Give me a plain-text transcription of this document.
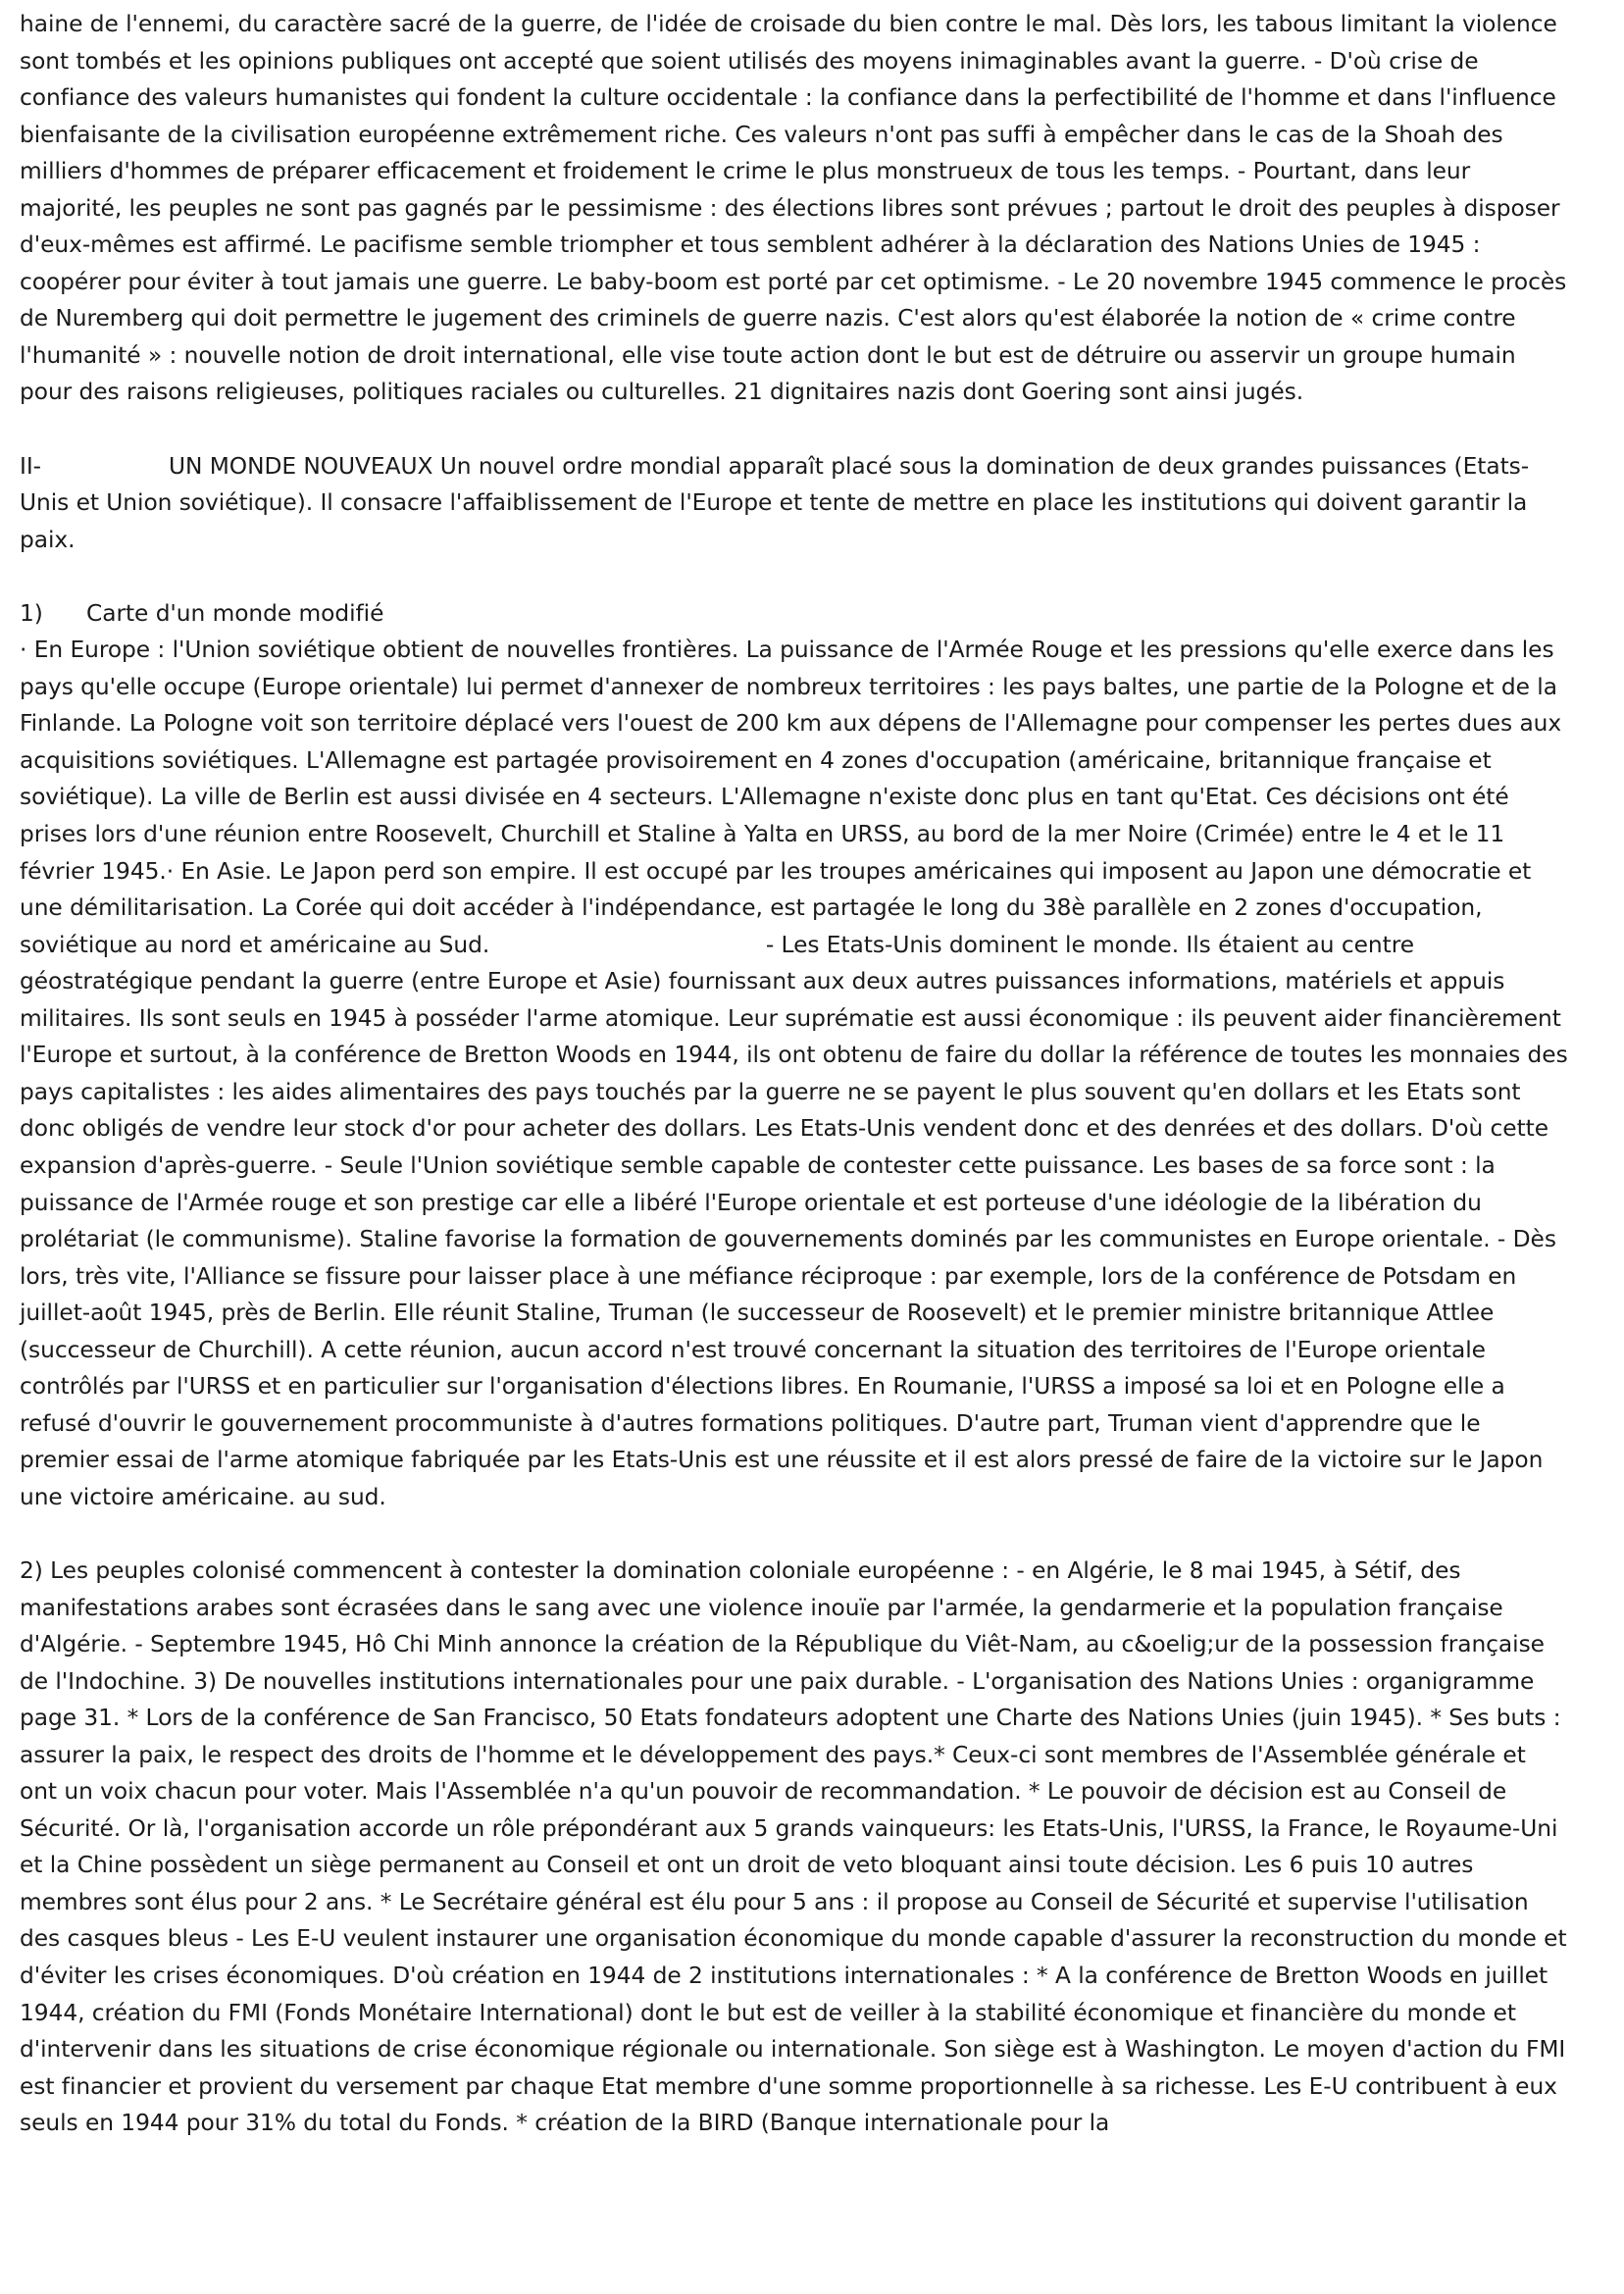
haine de l'ennemi, du caractère sacré de la guerre, de l'idée de croisade du bien contre le mal. Dès lors, les tabous limitant la violence sont tombés et les opinions publiques ont accepté que soient utilisés des moyens inimaginables avant la guerre. - D'où crise de confiance des valeurs humanistes qui fondent la culture occidentale : la confiance dans la perfectibilité de l'homme et dans l'influence bienfaisante de la civilisation européenne extrêmement riche. Ces valeurs n'ont pas suffi à empêcher dans le cas de la Shoah des milliers d'hommes de préparer efficacement et froidement le crime le plus monstrueux de tous les temps. - Pourtant, dans leur majorité, les peuples ne sont pas gagnés par le pessimisme : des élections libres sont prévues ; partout le droit des peuples à disposer d'eux-mêmes est affirmé. Le pacifisme semble triompher et tous semblent adhérer à la déclaration des Nations Unies de 1945 : coopérer pour éviter à tout jamais une guerre. Le baby-boom est porté par cet optimisme. - Le 20 novembre 1945 commence le procès de Nuremberg qui doit permettre le jugement des criminels de guerre nazis. C'est alors qu'est élaborée la notion de « crime contre l'humanité » : nouvelle notion de droit international, elle vise toute action dont le but est de détruire ou asservir un groupe humain pour des raisons religieuses, politiques raciales ou culturelles. 21 dignitaires nazis dont Goering sont ainsi jugés.

II-	UN MONDE NOUVEAUX Un nouvel ordre mondial apparaît placé sous la domination de deux grandes puissances (Etats-Unis et Union soviétique). Il consacre l'affaiblissement de l'Europe et tente de mettre en place les institutions qui doivent garantir la paix.

1) Carte d'un monde modifié

· En Europe : l'Union soviétique obtient de nouvelles frontières. La puissance de l'Armée Rouge et les pressions qu'elle exerce dans les pays qu'elle occupe (Europe orientale) lui permet d'annexer de nombreux territoires : les pays baltes, une partie de la Pologne et de la Finlande. La Pologne voit son territoire déplacé vers l'ouest de 200 km aux dépens de l'Allemagne pour compenser les pertes dues aux acquisitions soviétiques. L'Allemagne est partagée provisoirement en 4 zones d'occupation (américaine, britannique française et soviétique). La ville de Berlin est aussi divisée en 4 secteurs. L'Allemagne n'existe donc plus en tant qu'Etat. Ces décisions ont été prises lors d'une réunion entre Roosevelt, Churchill et Staline à Yalta en URSS, au bord de la mer Noire (Crimée) entre le 4 et le 11 février 1945.· En Asie. Le Japon perd son empire. Il est occupé par les troupes américaines qui imposent au Japon une démocratie et une démilitarisation. La Corée qui doit accéder à l'indépendance, est partagée le long du 38è parallèle en 2 zones d'occupation, soviétique au nord et américaine au Sud.	- Les Etats-Unis dominent le monde. Ils étaient au centre géostratégique pendant la guerre (entre Europe et Asie) fournissant aux deux autres puissances informations, matériels et appuis militaires. Ils sont seuls en 1945 à posséder l'arme atomique. Leur suprématie est aussi économique : ils peuvent aider financièrement l'Europe et surtout, à la conférence de Bretton Woods en 1944, ils ont obtenu de faire du dollar la référence de toutes les monnaies des pays capitalistes : les aides alimentaires des pays touchés par la guerre ne se payent le plus souvent qu'en dollars et les Etats sont donc obligés de vendre leur stock d'or pour acheter des dollars. Les Etats-Unis vendent donc et des denrées et des dollars. D'où cette expansion d'après-guerre. - Seule l'Union soviétique semble capable de contester cette puissance. Les bases de sa force sont : la puissance de l'Armée rouge et son prestige car elle a libéré l'Europe orientale et est porteuse d'une idéologie de la libération du prolétariat (le communisme). Staline favorise la formation de gouvernements dominés par les communistes en Europe orientale. - Dès lors, très vite, l'Alliance se fissure pour laisser place à une méfiance réciproque : par exemple, lors de la conférence de Potsdam en juillet-août 1945, près de Berlin. Elle réunit Staline, Truman (le successeur de Roosevelt) et le premier ministre britannique Attlee (successeur de Churchill). A cette réunion, aucun accord n'est trouvé concernant la situation des territoires de l'Europe orientale contrôlés par l'URSS et en particulier sur l'organisation d'élections libres. En Roumanie, l'URSS a imposé sa loi et en Pologne elle a refusé d'ouvrir le gouvernement procommuniste à d'autres formations politiques. D'autre part, Truman vient d'apprendre que le premier essai de l'arme atomique fabriquée par les Etats-Unis est une réussite et il est alors pressé de faire de la victoire sur le Japon une victoire américaine. au sud.

2) Les peuples colonisé commencent à contester la domination coloniale européenne : - en Algérie, le 8 mai 1945, à Sétif, des manifestations arabes sont écrasées dans le sang avec une violence inouïe par l'armée, la gendarmerie et la population française d'Algérie. - Septembre 1945, Hô Chi Minh annonce la création de la République du Viêt-Nam, au c&oelig;ur de la possession française de l'Indochine. 3) De nouvelles institutions internationales pour une paix durable. - L'organisation des Nations Unies : organigramme page 31. * Lors de la conférence de San Francisco, 50 Etats fondateurs adoptent une Charte des Nations Unies (juin 1945). * Ses buts : assurer la paix, le respect des droits de l'homme et le développement des pays.* Ceux-ci sont membres de l'Assemblée générale et ont un voix chacun pour voter. Mais l'Assemblée n'a qu'un pouvoir de recommandation. * Le pouvoir de décision est au Conseil de Sécurité. Or là, l'organisation accorde un rôle prépondérant aux 5 grands vainqueurs: les Etats-Unis, l'URSS, la France, le Royaume-Uni et la Chine possèdent un siège permanent au Conseil et ont un droit de veto bloquant ainsi toute décision. Les 6 puis 10 autres membres sont élus pour 2 ans. * Le Secrétaire général est élu pour 5 ans : il propose au Conseil de Sécurité et supervise l'utilisation des casques bleus - Les E-U veulent instaurer une organisation économique du monde capable d'assurer la reconstruction du monde et d'éviter les crises économiques. D'où création en 1944 de 2 institutions internationales : * A la conférence de Bretton Woods en juillet 1944, création du FMI (Fonds Monétaire International) dont le but est de veiller à la stabilité économique et financière du monde et d'intervenir dans les situations de crise économique régionale ou internationale. Son siège est à Washington. Le moyen d'action du FMI est financier et provient du versement par chaque Etat membre d'une somme proportionnelle à sa richesse. Les E-U contribuent à eux seuls en 1944 pour 31% du total du Fonds. * création de la BIRD (Banque internationale pour la
